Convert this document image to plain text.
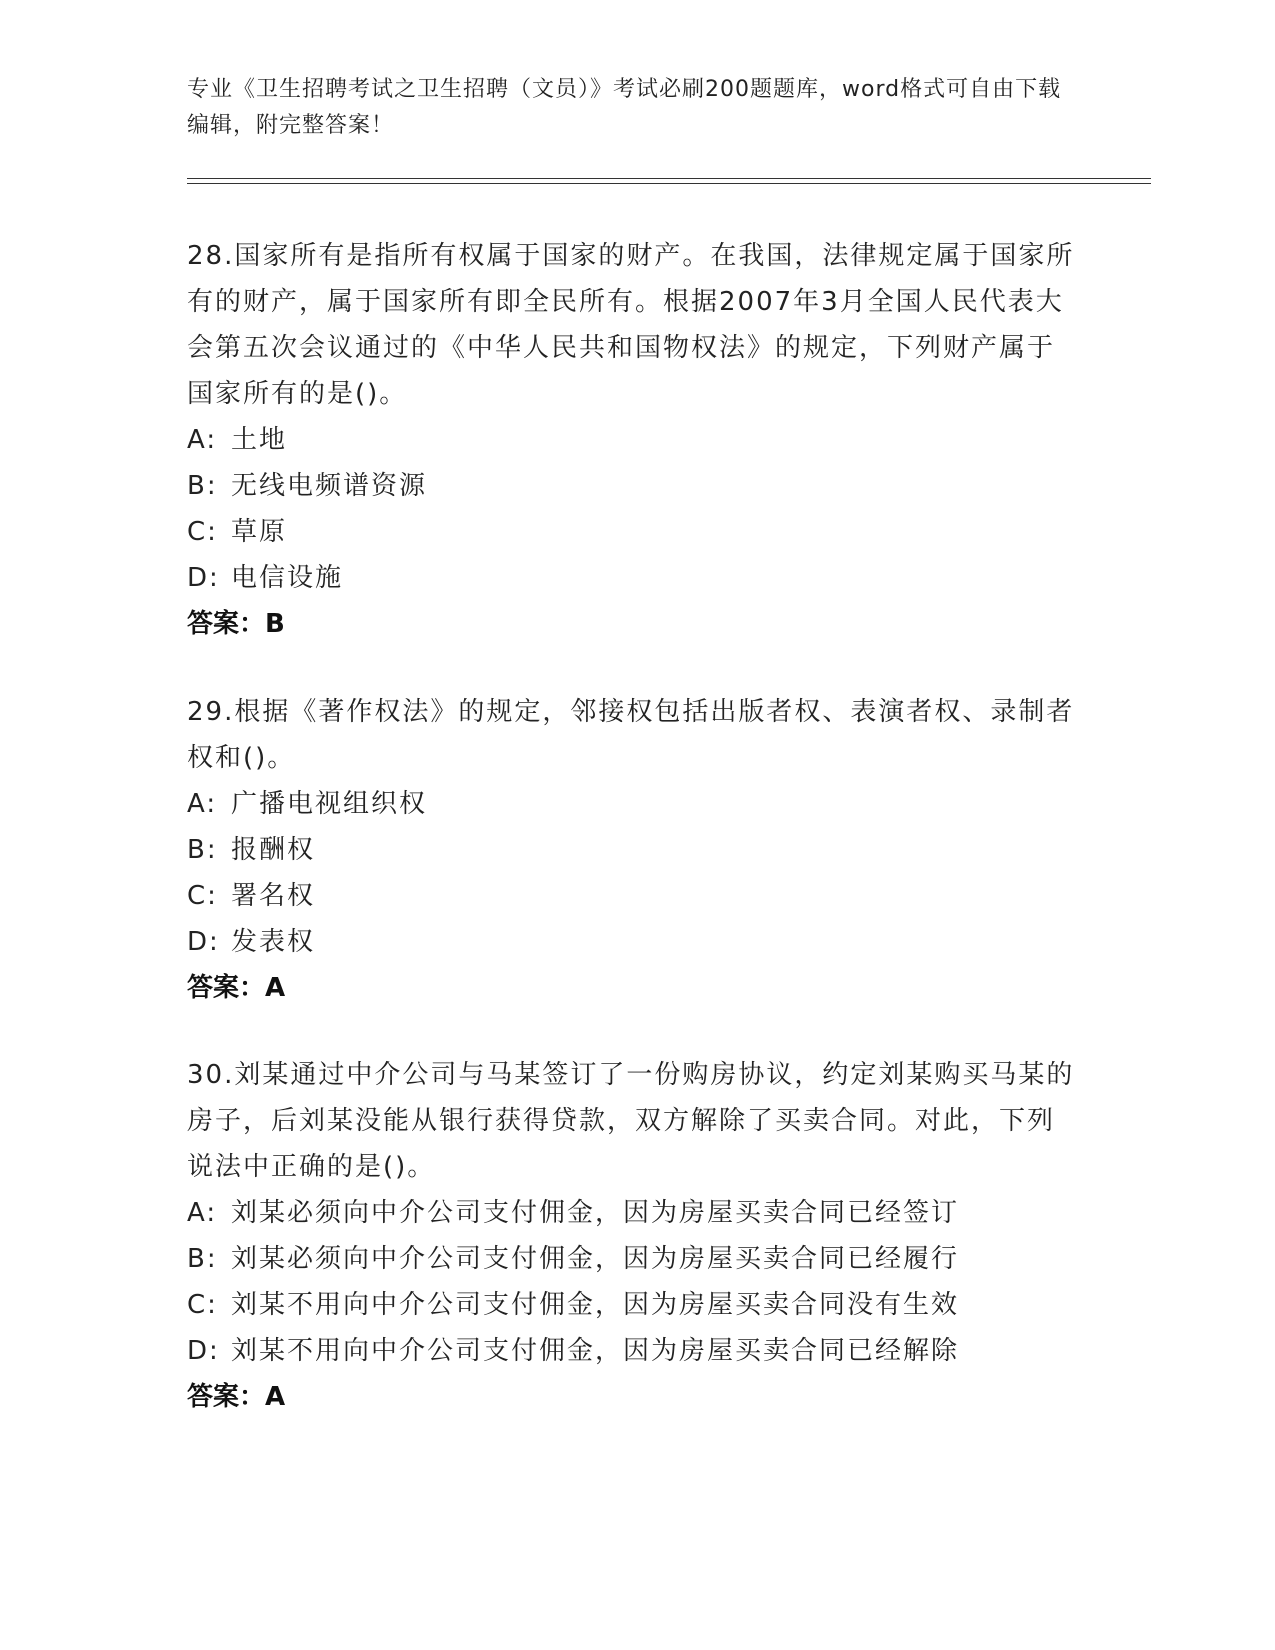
专业《卫生招聘考试之卫生招聘（文员）》考试必刷200题题库，word格式可自由下载编辑，附完整答案！

28.国家所有是指所有权属于国家的财产。在我国，法律规定属于国家所有的财产，属于国家所有即全民所有。根据2007年3月全国人民代表大会第五次会议通过的《中华人民共和国物权法》的规定，下列财产属于国家所有的是()。

A: 土地

B: 无线电频谱资源

C: 草原

D: 电信设施

答案：B

29.根据《著作权法》的规定，邻接权包括出版者权、表演者权、录制者权和()。

A: 广播电视组织权

B: 报酬权

C: 署名权

D: 发表权

答案：A

30.刘某通过中介公司与马某签订了一份购房协议，约定刘某购买马某的房子，后刘某没能从银行获得贷款，双方解除了买卖合同。对此，下列说法中正确的是()。

A: 刘某必须向中介公司支付佣金，因为房屋买卖合同已经签订

B: 刘某必须向中介公司支付佣金，因为房屋买卖合同已经履行

C: 刘某不用向中介公司支付佣金，因为房屋买卖合同没有生效

D: 刘某不用向中介公司支付佣金，因为房屋买卖合同已经解除

答案：A
